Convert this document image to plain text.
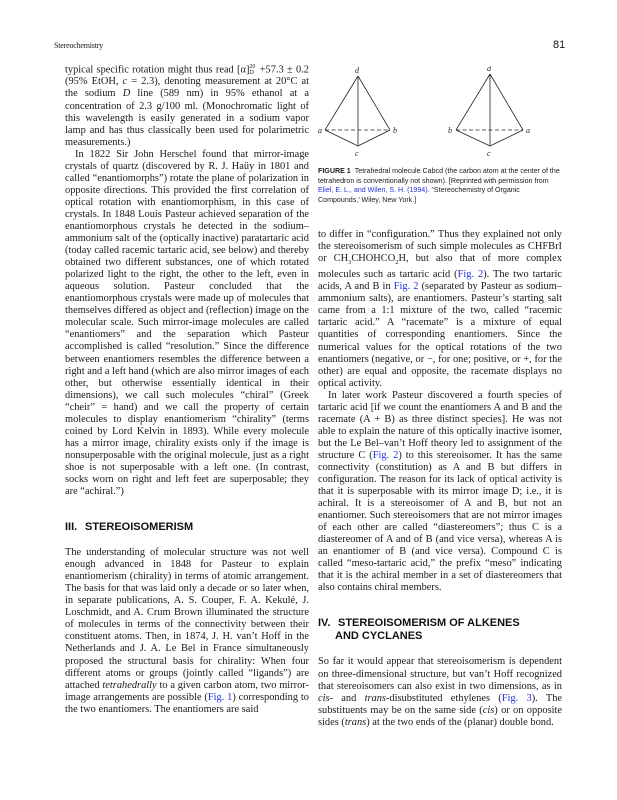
Stereochemistry	81

typical specific rotation might thus read [α]20
D +57.3 ± 0.2 (95% EtOH, c = 2.3), denoting measurement at 20°C at the sodium D line (589 nm) in 95% ethanol at a concentration of 2.3 g/100 ml. (Monochromatic light of this wavelength is easily generated in a sodium vapor lamp and has thus classically been used for polarimetric measurements.)

In 1822 Sir John Herschel found that mirror-image crystals of quartz (discovered by R. J. Haüy in 1801 and called “enantiomorphs”) rotate the plane of polarization in opposite directions. This provided the first correlation of optical rotation with enantiomorphism, in this case of crystals. In 1848 Louis Pasteur achieved separation of the enantiomorphous crystals he detected in the sodium–ammonium salt of the (optically inactive) paratartaric acid (today called racemic tartaric acid, see below) and thereby obtained two different substances, one of which rotated polarized light to the right, the other to the left, even in aqueous solution. Pasteur concluded that the enantiomorphous crystals were made up of molecules that themselves differed as object and (reflection) image on the molecular scale. Such mirror-image molecules are called “enantiomers” and the separation which Pasteur accomplished is called “resolution.” Since the difference between enantiomers resembles the difference between a right and a left hand (which are also mirror images of each other, but otherwise essentially identical in their dimensions), we call such molecules “chiral” (Greek “cheir” = hand) and we call the property of certain molecules to display enantiomerism “chirality” (terms coined by Lord Kelvin in 1893). While every molecule has a mirror image, chirality exists only if the image is nonsuperposable with the original molecule, just as a right shoe is not superposable with a left one. (In contrast, socks worn on right and left feet are superposable; they are “achiral.”)

III. STEREOISOMERISM

The understanding of molecular structure was not well enough advanced in 1848 for Pasteur to explain enantiomerism (chirality) in terms of atomic arrangement. The basis for that was laid only a decade or so later when, in separate publications, A. S. Couper, F. A. Kekulé, J. Loschmidt, and A. Crum Brown illuminated the structure of molecules in terms of the connectivity between their constituent atoms. Then, in 1874, J. H. van’t Hoff in the Netherlands and J. A. Le Bel in France simultaneously proposed the structural basis for chirality: When four different atoms or groups (jointly called “ligands”) are attached tetrahedrally to a given carbon atom, two mirror-image arrangements are possible (Fig. 1) corresponding to the two enantiomers. The enantiomers are said

d
a	b
c
d
b	a
c
FIGURE 1 Tetrahedral molecule Cabcd (the carbon atom at the center of the tetrahedron is conventionally not shown). [Reprinted with permission from Eliel, E. L., and Wilen, S. H. (1994). “Stereochemistry of Organic Compounds,’ Wiley, New York.]

to differ in “configuration.” Thus they explained not only the stereoisomerism of such simple molecules as CHFBrI or $CH_3CHOHCO_2H$, but also that of more complex molecules such as tartaric acid (Fig. 2). The two tartaric acids, A and B in Fig. 2 (separated by Pasteur as sodium–ammonium salts), are enantiomers. Pasteur’s starting salt came from a 1:1 mixture of the two, called “racemic tartaric acid.” A “racemate” is a mixture of equal quantities of corresponding enantiomers. Since the numerical values for the optical rotations of the two enantiomers (negative, or −, for one; positive, or +, for the other) are equal and opposite, the racemate displays no optical activity.

In later work Pasteur discovered a fourth species of tartaric acid [if we count the enantiomers A and B and the racemate (A + B) as three distinct species]. He was not able to explain the nature of this optically inactive isomer, but the Le Bel–van’t Hoff theory led to assignment of the structure C (Fig. 2) to this stereoisomer. It has the same connectivity (constitution) as A and B but differs in configuration. The reason for its lack of optical activity is that it is superposable with its mirror image D; i.e., it is achiral. It is a stereoisomer of A and B, but not an enantiomer. Such stereoisomers that are not mirror images of each other are called “diastereomers”; thus C is a diastereomer of A and of B (and vice versa), whereas A is an enantiomer of B (and vice versa). Compound C is called “meso-tartaric acid,” the prefix “meso” indicating that it is the achiral member in a set of diastereomers that also contains chiral members.

IV. STEREOISOMERISM OF ALKENES
AND CYCLANES

So far it would appear that stereoisomerism is dependent on three-dimensional structure, but van’t Hoff recognized that stereoisomers can also exist in two dimensions, as in cis- and trans-disubstituted ethylenes (Fig. 3). The substituents may be on the same side (cis) or on opposite sides (trans) at the two ends of the (planar) double bond.
